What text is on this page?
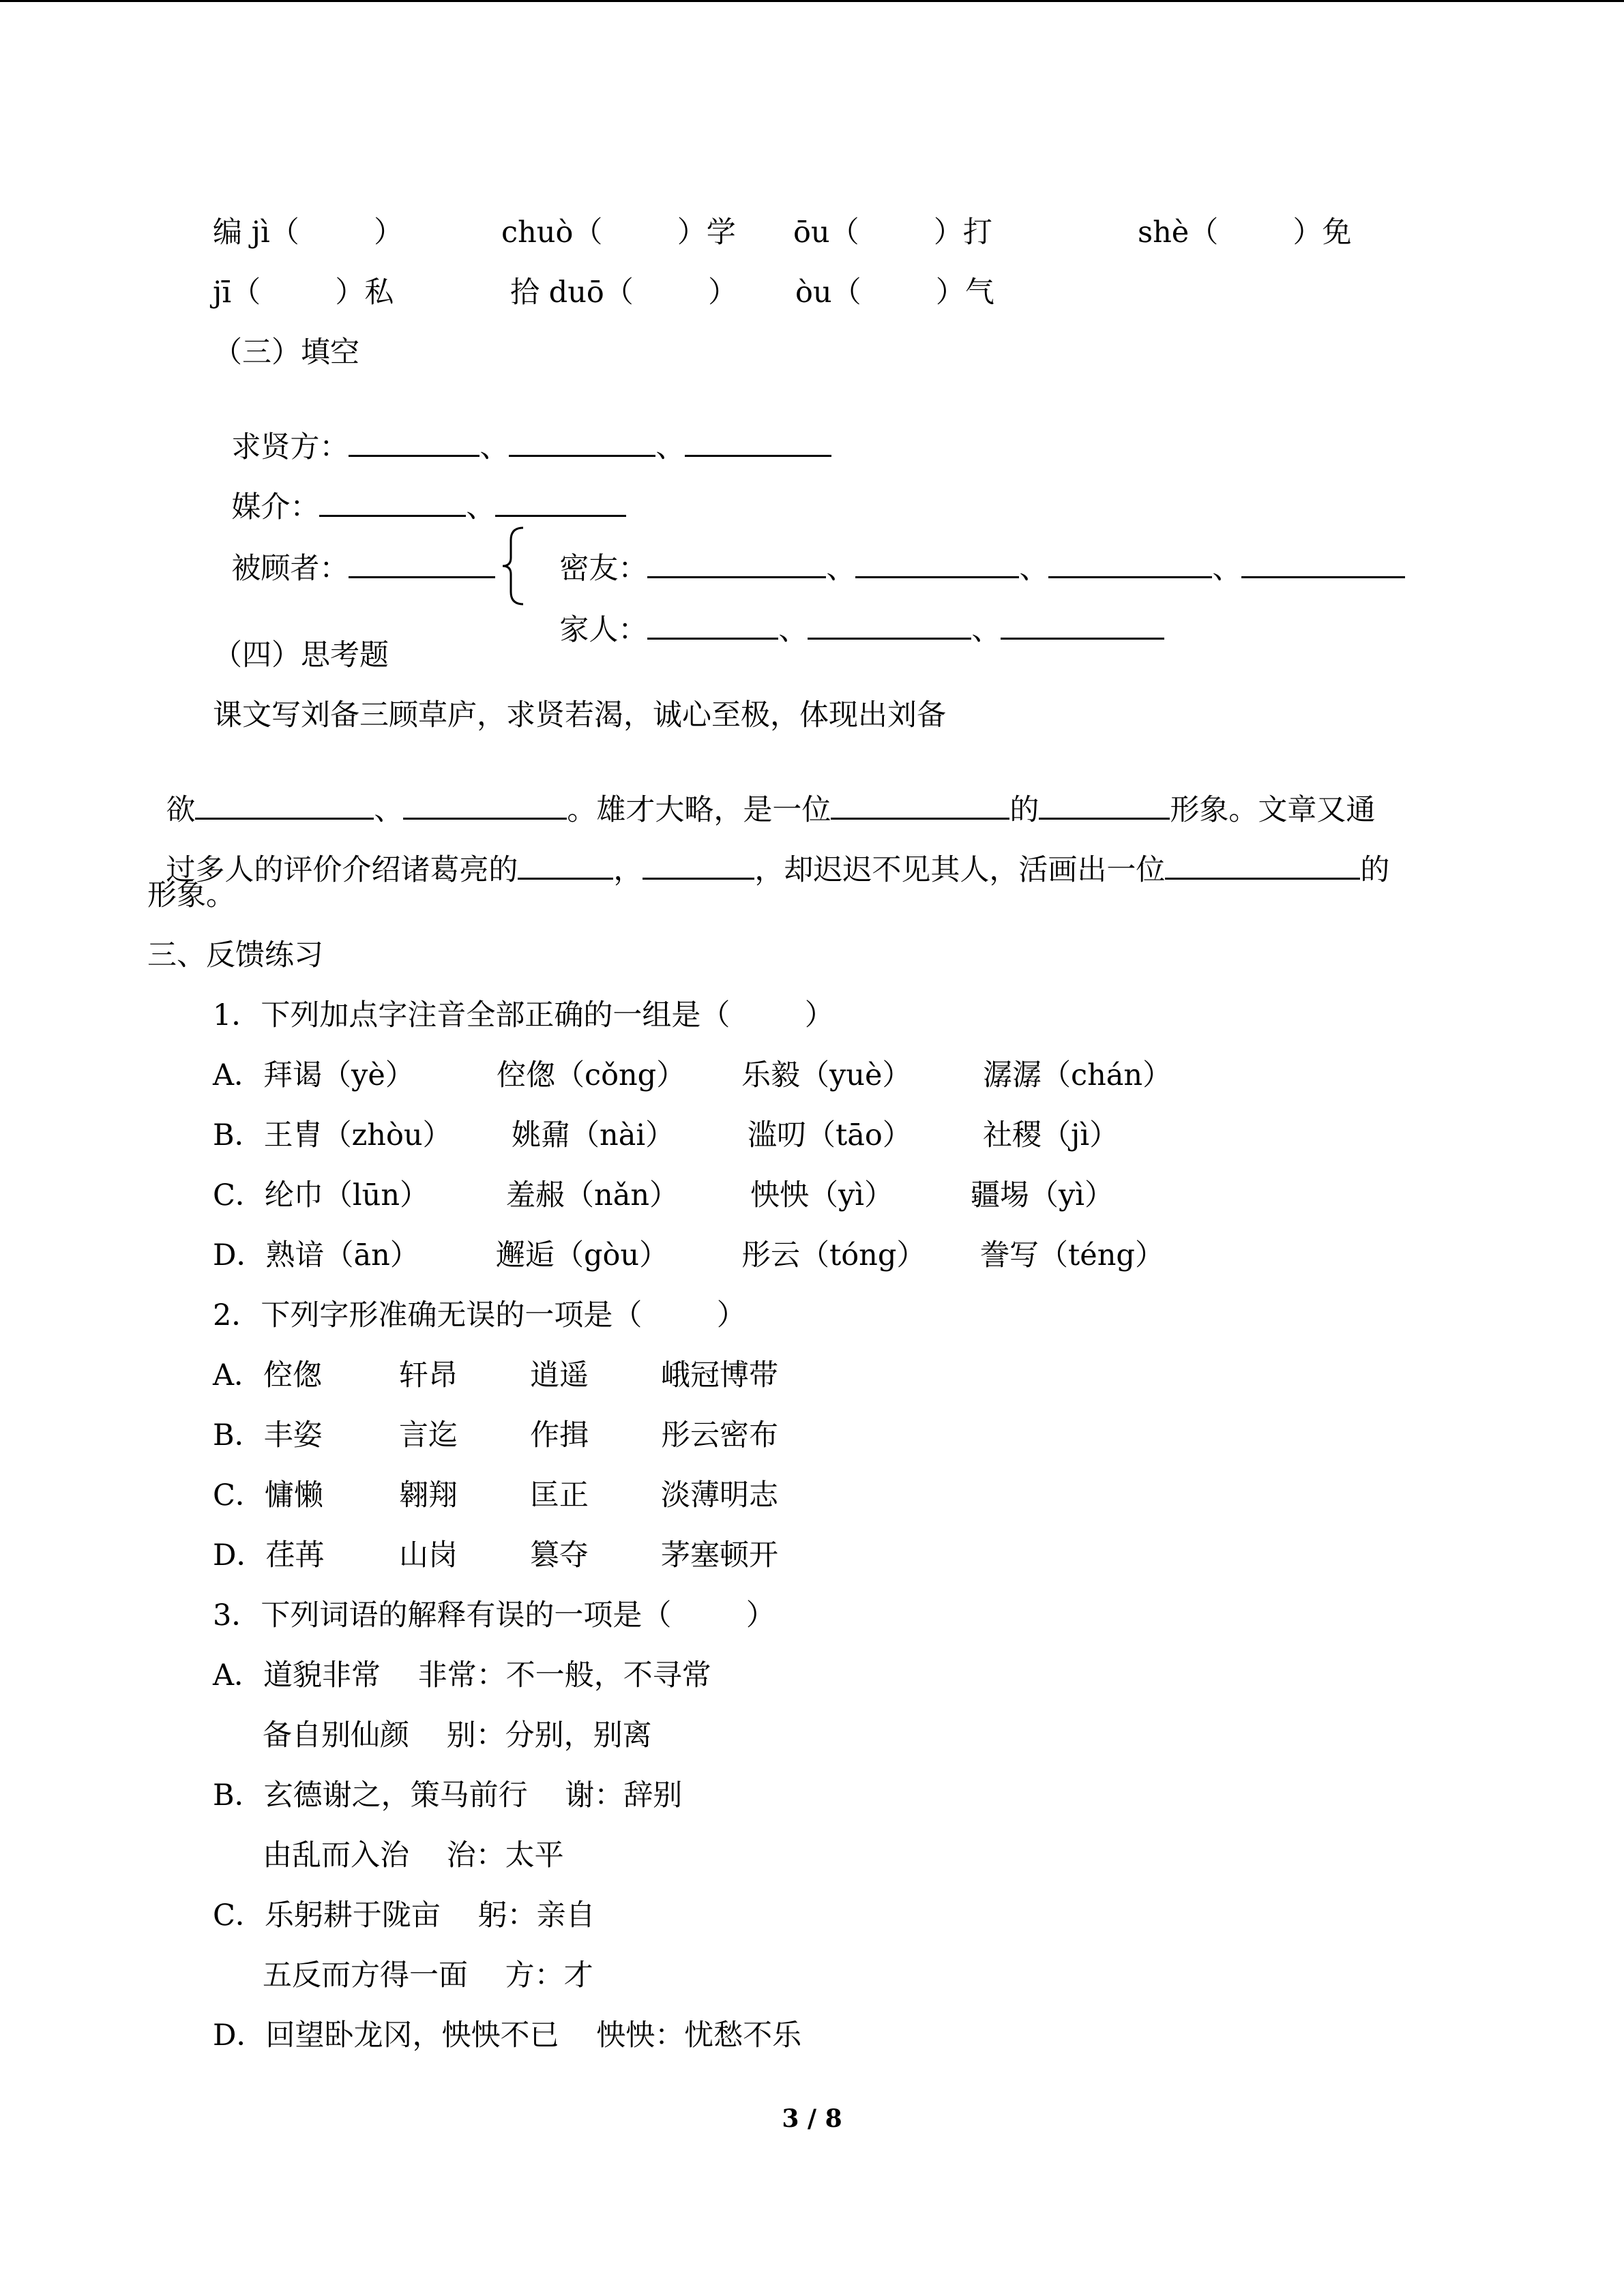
编 jì（        ）	chuò（        ）学 ōu（        ）打	shè（        ）免
jī（        ）私	拾 duō（        ） òu（        ）气
（三）填空

求贤方：	、	、

媒介：	、

被顾者：	密友：	、	、	、

家人：	、	、

（四）思考题
课文写刘备三顾草庐，求贤若渴，诚心至极，体现出刘备

欲	、	。雄才大略，是一位	的	形象。文章又通

过多人的评价介绍诸葛亮的	，	，却迟迟不见其人，活画出一位	的

形象。
三、反馈练习
1．下列加点字注音全部正确的一组是（        ）
A．拜谒（yè）	倥偬（cǒng） 乐毅（yuè） 潺潺（chán）
B．王胄（zhòu） 姚鼐（nài） 滥叨（tāo） 社稷（jì）
C．纶巾（lūn）	羞赧（nǎn） 怏怏（yì）	疆埸（yì）
D．熟谙（ān）	邂逅（gòu） 彤云（tóng） 誊写（téng）
2．下列字形准确无误的一项是（        ）
A．倥偬	轩昂 逍遥 峨冠博带
B．丰姿	言迄 作揖 彤云密布
C．慵懒	翱翔 匡正 淡薄明志
D．荏苒	山岗 篡夺 茅塞顿开
3．下列词语的解释有误的一项是（        ）
A．道貌非常    非常：不一般，不寻常
备自别仙颜    别：分别，别离
B．玄德谢之，策马前行    谢：辞别
由乱而入治    治：太平
C．乐躬耕于陇亩    躬：亲自
五反而方得一面    方：才
D．回望卧龙冈，怏怏不已    怏怏：忧愁不乐
3 / 8
